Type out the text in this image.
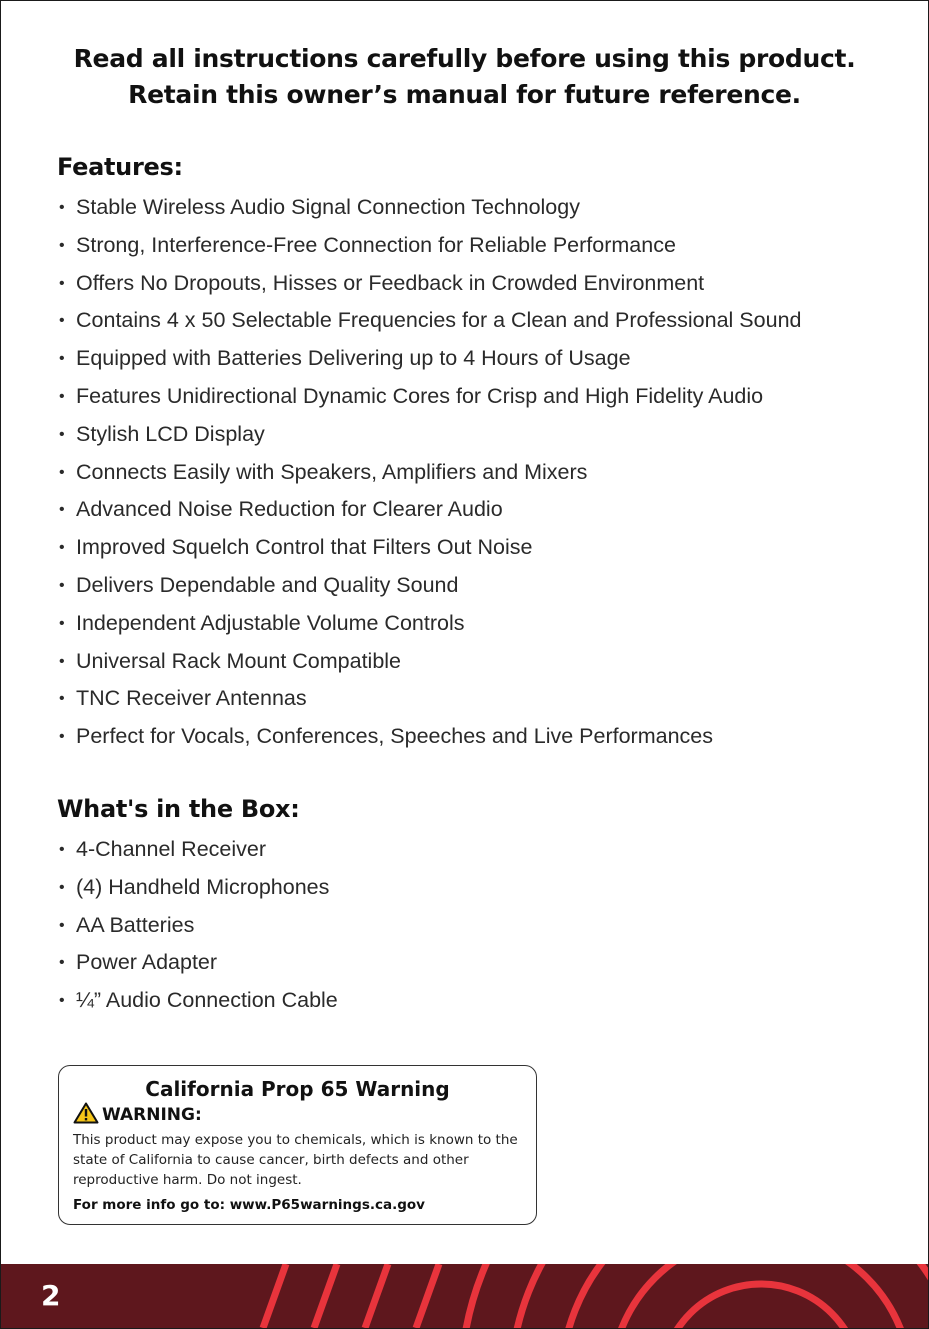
Read all instructions carefully before using this product.
Retain this owner’s manual for future reference.
Features:
• Stable Wireless Audio Signal Connection Technology
• Strong, Interference-Free Connection for Reliable Performance
• Offers No Dropouts, Hisses or Feedback in Crowded Environment
• Contains 4 x 50 Selectable Frequencies for a Clean and Professional Sound
• Equipped with Batteries Delivering up to 4 Hours of Usage
• Features Unidirectional Dynamic Cores for Crisp and High Fidelity Audio
• Stylish LCD Display
• Connects Easily with Speakers, Amplifiers and Mixers
• Advanced Noise Reduction for Clearer Audio
• Improved Squelch Control that Filters Out Noise
• Delivers Dependable and Quality Sound
• Independent Adjustable Volume Controls
• Universal Rack Mount Compatible
• TNC Receiver Antennas
• Perfect for Vocals, Conferences, Speeches and Live Performances
What's in the Box:
• 4-Channel Receiver
• (4) Handheld Microphones
• AA Batteries
• Power Adapter
• ¼” Audio Connection Cable
California Prop 65 Warning
WARNING:
This product may expose you to chemicals, which is known to the state of California to cause cancer, birth defects and other reproductive harm. Do not ingest.
For more info go to: www.P65warnings.ca.gov
2
